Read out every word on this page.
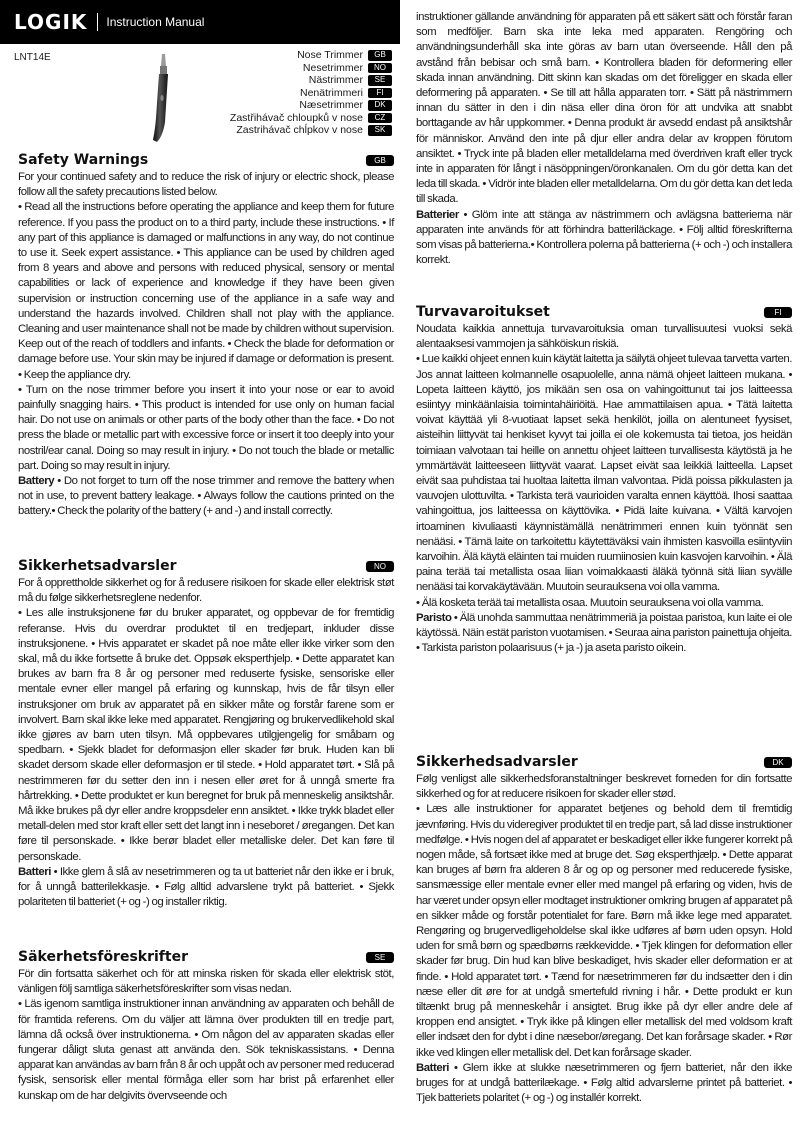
LOGIK Instruction Manual
LNT14E	Nose Trimmer	GB
Nesetrimmer	NO
Nästrimmer	SE
Nenätrimmeri	FI
Næsetrimmer	DK
Zastřihávač chloupků v nose	CZ
Zastrihávač chĺpkov v nose	SK
Safety Warnings	GB

For your continued safety and to reduce the risk of injury or electric shock, please follow all the safety precautions listed below.

• Read all the instructions before operating the appliance and keep them for future reference. If you pass the product on to a third party, include these instructions. • If any part of this appliance is damaged or malfunctions in any way, do not continue to use it. Seek expert assistance. • This appliance can be used by children aged from 8 years and above and persons with reduced physical, sensory or mental capabilities or lack of experience and knowledge if they have been given supervision or instruction concerning use of the appliance in a safe way and understand the hazards involved. Children shall not play with the appliance. Cleaning and user maintenance shall not be made by children without supervision. Keep out of the reach of toddlers and infants. • Check the blade for deformation or damage before use. Your skin may be injured if damage or deformation is present. • Keep the appliance dry.

• Turn on the nose trimmer before you insert it into your nose or ear to avoid painfully snagging hairs. • This product is intended for use only on human facial hair. Do not use on animals or other parts of the body other than the face. • Do not press the blade or metallic part with excessive force or insert it too deeply into your nostril/ear canal. Doing so may result in injury. • Do not touch the blade or metallic part. Doing so may result in injury.

Battery • Do not forget to turn off the nose trimmer and remove the battery when not in use, to prevent battery leakage. • Always follow the cautions printed on the battery.• Check the polarity of the battery (+ and -) and install correctly.

Sikkerhetsadvarsler	NO

For å opprettholde sikkerhet og for å redusere risikoen for skade eller elektrisk støt må du følge sikkerhetsreglene nedenfor.

• Les alle instruksjonene før du bruker apparatet, og oppbevar de for fremtidig referanse. Hvis du overdrar produktet til en tredjepart, inkluder disse instruksjonene. • Hvis apparatet er skadet på noe måte eller ikke virker som den skal, må du ikke fortsette å bruke det. Oppsøk eksperthjelp. • Dette apparatet kan brukes av barn fra 8 år og personer med reduserte fysiske, sensoriske eller mentale evner eller mangel på erfaring og kunnskap, hvis de får tilsyn eller instruksjoner om bruk av apparatet på en sikker måte og forstår farene som er involvert. Barn skal ikke leke med apparatet. Rengjøring og brukervedlikehold skal ikke gjøres av barn uten tilsyn. Må oppbevares utilgjengelig for småbarn og spedbarn. • Sjekk bladet for deformasjon eller skader før bruk. Huden kan bli skadet dersom skade eller deformasjon er til stede. • Hold apparatet tørt. • Slå på nestrimmeren før du setter den inn i nesen eller øret for å unngå smerte fra hårtrekking. • Dette produktet er kun beregnet for bruk på menneskelig ansiktshår. Må ikke brukes på dyr eller andre kroppsdeler enn ansiktet. • Ikke trykk bladet eller metall-delen med stor kraft eller sett det langt inn i neseboret / øregangen. Det kan føre til personskade. • Ikke berør bladet eller metalliske deler. Det kan føre til personskade.

Batteri • Ikke glem å slå av nesetrimmeren og ta ut batteriet når den ikke er i bruk, for å unngå batterilekkasje. • Følg alltid advarslene trykt på batteriet. • Sjekk polariteten til batteriet (+ og -) og installer riktig.

Säkerhetsföreskrifter	SE

För din fortsatta säkerhet och för att minska risken för skada eller elektrisk stöt, vänligen följ samtliga säkerhetsföreskrifter som visas nedan.

• Läs igenom samtliga instruktioner innan användning av apparaten och behåll de för framtida referens. Om du väljer att lämna över produkten till en tredje part, lämna då också över instruktionerna. • Om någon del av apparaten skadas eller fungerar dåligt sluta genast att använda den. Sök tekniskassistans. • Denna apparat kan användas av barn från 8 år och uppåt och av personer med reducerad fysisk, sensorisk eller mental förmåga eller som har brist på erfarenhet eller kunskap om de har delgivits övervseende och

instruktioner gällande användning för apparaten på ett säkert sätt och förstår faran som medföljer. Barn ska inte leka med apparaten. Rengöring och användningsunderhåll ska inte göras av barn utan överseende. Håll den på avstånd från bebisar och små barn. • Kontrollera bladen för deformering eller skada innan användning. Ditt skinn kan skadas om det föreligger en skada eller deformering på apparaten. • Se till att hålla apparaten torr. • Sätt på nästrimmern innan du sätter in den i din näsa eller dina öron för att undvika att snabbt borttagande av hår uppkommer. • Denna produkt är avsedd endast på ansiktshår för människor. Använd den inte på djur eller andra delar av kroppen förutom ansiktet. • Tryck inte på bladen eller metalldelarna med överdriven kraft eller tryck inte in apparaten för långt i näsöppningen/öronkanalen. Om du gör detta kan det leda till skada. • Vidrör inte bladen eller metalldelarna. Om du gör detta kan det leda till skada.

Batterier • Glöm inte att stänga av nästrimmern och avlägsna batterierna när apparaten inte används för att förhindra batteriläckage. • Följ alltid föreskrifterna som visas på batterierna.• Kontrollera polerna på batterierna (+ och -) och installera korrekt.

Turvavaroitukset	FI

Noudata kaikkia annettuja turvavaroituksia oman turvallisuutesi vuoksi sekä alentaaksesi vammojen ja sähköiskun riskiä.

• Lue kaikki ohjeet ennen kuin käytät laitetta ja säilytä ohjeet tulevaa tarvetta varten. Jos annat laitteen kolmannelle osapuolelle, anna nämä ohjeet laitteen mukana. • Lopeta laitteen käyttö, jos mikään sen osa on vahingoittunut tai jos laitteessa esiintyy minkäänlaisia toimintahäiriöitä. Hae ammattilaisen apua. • Tätä laitetta voivat käyttää yli 8-vuotiaat lapset sekä henkilöt, joilla on alentuneet fyysiset, aisteihin liittyvät tai henkiset kyvyt tai joilla ei ole kokemusta tai tietoa, jos heidän toimiaan valvotaan tai heille on annettu ohjeet laitteen turvallisesta käytöstä ja he ymmärtävät laitteeseen liittyvät vaarat. Lapset eivät saa leikkiä laitteella. Lapset eivät saa puhdistaa tai huoltaa laitetta ilman valvontaa. Pidä poissa pikkulasten ja vauvojen ulottuvilta. • Tarkista terä vaurioiden varalta ennen käyttöä. Ihosi saattaa vahingoittua, jos laitteessa on käyttövika. • Pidä laite kuivana. • Vältä karvojen irtoaminen kivuliaasti käynnistämällä nenätrimmeri ennen kuin työnnät sen nenääsi. • Tämä laite on tarkoitettu käytettäväksi vain ihmisten kasvoilla esiintyviin karvoihin. Älä käytä eläinten tai muiden ruumiinosien kuin kasvojen karvoihin. • Älä paina terää tai metallista osaa liian voimakkaasti äläkä työnnä sitä liian syvälle nenääsi tai korvakäytävään. Muutoin seurauksena voi olla vamma.

• Älä kosketa terää tai metallista osaa. Muutoin seurauksena voi olla vamma.

Paristo • Älä unohda sammuttaa nenätrimmeriä ja poistaa paristoa, kun laite ei ole käytössä. Näin estät pariston vuotamisen. • Seuraa aina pariston painettuja ohjeita. • Tarkista pariston polaarisuus (+ ja -) ja aseta paristo oikein.

Sikkerhedsadvarsler	DK

Følg venligst alle sikkerhedsforanstaltninger beskrevet forneden for din fortsatte sikkerhed og for at reducere risikoen for skader eller stød.

• Læs alle instruktioner for apparatet betjenes og behold dem til fremtidig jævnføring. Hvis du videregiver produktet til en tredje part, så lad disse instruktioner medfølge. • Hvis nogen del af apparatet er beskadiget eller ikke fungerer korrekt på nogen måde, så fortsæt ikke med at bruge det. Søg eksperthjælp. • Dette apparat kan bruges af børn fra alderen 8 år og op og personer med reducerede fysiske, sansmæssige eller mentale evner eller med mangel på erfaring og viden, hvis de har været under opsyn eller modtaget instruktioner omkring brugen af apparatet på en sikker måde og forstår potentialet for fare. Børn må ikke lege med apparatet. Rengøring og brugervedligeholdelse skal ikke udføres af børn uden opsyn. Hold uden for små børn og spædbørns rækkevidde. • Tjek klingen for deformation eller skader før brug. Din hud kan blive beskadiget, hvis skader eller deformation er at finde. • Hold apparatet tørt. • Tænd for næsetrimmeren før du indsætter den i din næse eller dit øre for at undgå smertefuld rivning i hår. • Dette produkt er kun tiltænkt brug på menneskehår i ansigtet. Brug ikke på dyr eller andre dele af kroppen end ansigtet. • Tryk ikke på klingen eller metallisk del med voldsom kraft eller indsæt den for dybt i dine næsebor/øregang. Det kan forårsage skader. • Rør ikke ved klingen eller metallisk del. Det kan forårsage skader.

Batteri • Glem ikke at slukke næsetrimmeren og fjern batteriet, når den ikke bruges for at undgå batterilækage. • Følg altid advarslerne printet på batteriet. • Tjek batteriets polaritet (+ og -) og installér korrekt.
